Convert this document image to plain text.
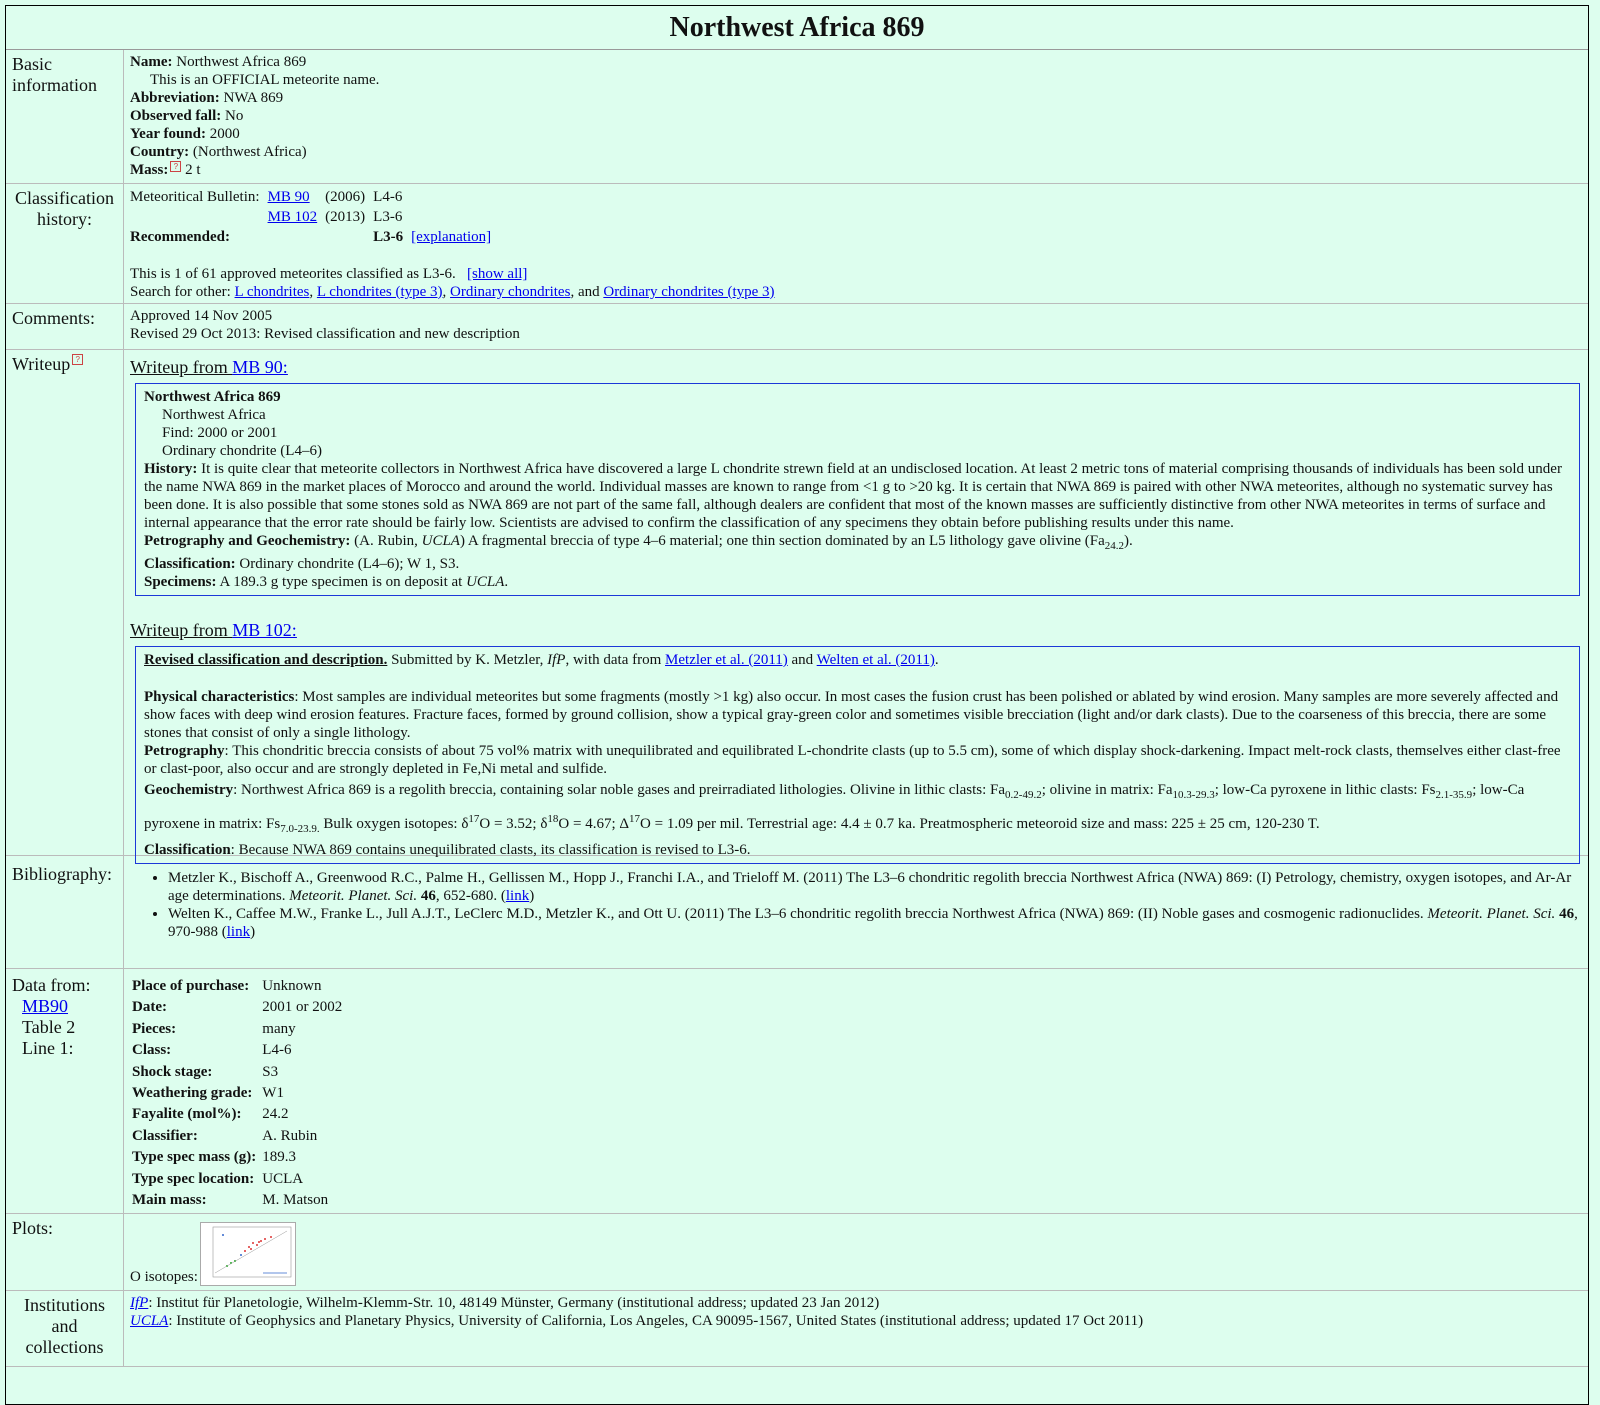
Northwest Africa 869
Basic information
Name: Northwest Africa 869
This is an OFFICIAL meteorite name.
Abbreviation: NWA 869
Observed fall: No
Year found: 2000
Country: (Northwest Africa)
Mass: ? 2 t
Classification history:
Meteoritical Bulletin:	MB 90	(2006)	L4-6	
	MB 102	(2013)	L3-6	
Recommended:			L3-6	[explanation]
This is 1 of 61 approved meteorites classified as L3-6. [show all]
Search for other: L chondrites, L chondrites (type 3), Ordinary chondrites, and Ordinary chondrites (type 3)
Comments:	Approved 14 Nov 2005
Revised 29 Oct 2013: Revised classification and new description
Writeup ?	Writeup from MB 90:
Northwest Africa 869
Northwest Africa
Find: 2000 or 2001
Ordinary chondrite (L4–6)
History: It is quite clear that meteorite collectors in Northwest Africa have discovered a large L chondrite strewn field at an undisclosed location. At least 2 metric tons of material comprising thousands of individuals has been sold under the name NWA 869 in the market places of Morocco and around the world. Individual masses are known to range from <1 g to >20 kg. It is certain that NWA 869 is paired with other NWA meteorites, although no systematic survey has been done. It is also possible that some stones sold as NWA 869 are not part of the same fall, although dealers are confident that most of the known masses are sufficiently distinctive from other NWA meteorites in terms of surface and internal appearance that the error rate should be fairly low. Scientists are advised to confirm the classification of any specimens they obtain before publishing results under this name.
Petrography and Geochemistry: (A. Rubin, UCLA) A fragmental breccia of type 4–6 material; one thin section dominated by an L5 lithology gave olivine $(Fa_{24.2})$.
Classification: Ordinary chondrite (L4–6); W 1, S3.
Specimens: A 189.3 g type specimen is on deposit at UCLA.
Writeup from MB 102:
Revised classification and description. Submitted by K. Metzler, IfP, with data from Metzler et al. (2011) and Welten et al. (2011).
Physical characteristics: Most samples are individual meteorites but some fragments (mostly >1 kg) also occur. In most cases the fusion crust has been polished or ablated by wind erosion. Many samples are more severely affected and show faces with deep wind erosion features. Fracture faces, formed by ground collision, show a typical gray-green color and sometimes visible brecciation (light and/or dark clasts). Due to the coarseness of this breccia, there are some stones that consist of only a single lithology.
Petrography: This chondritic breccia consists of about 75 vol% matrix with unequilibrated and equilibrated L-chondrite clasts (up to 5.5 cm), some of which display shock-darkening. Impact melt-rock clasts, themselves either clast-free or clast-poor, also occur and are strongly depleted in Fe,Ni metal and sulfide.
Geochemistry: Northwest Africa 869 is a regolith breccia, containing solar noble gases and preirradiated lithologies. Olivine in lithic clasts: $Fa_{0.2-49.2}$; olivine in matrix: $Fa_{10.3-29.3}$; low-Ca pyroxene in lithic clasts: $Fs_{2.1-35.9}$; low-Ca pyroxene in matrix: $Fs_{7.0-23.9.}$ Bulk oxygen isotopes: $\delta^{17}O = 3.52$; $\delta^{18}O = 4.67$; $\Delta^{17}O = 1.09$ per mil. Terrestrial age: 4.4 ± 0.7 ka. Preatmospheric meteoroid size and mass: 225 ± 25 cm, 120-230 T.
Classification: Because NWA 869 contains unequilibrated clasts, its classification is revised to L3-6.
Bibliography:	• Metzler K., Bischoff A., Greenwood R.C., Palme H., Gellissen M., Hopp J., Franchi I.A., and Trieloff M. (2011) The L3–6 chondritic regolith breccia Northwest Africa (NWA) 869: (I) Petrology, chemistry, oxygen isotopes, and Ar-Ar age determinations. Meteorit. Planet. Sci. 46, 652-680. (link)
• Welten K., Caffee M.W., Franke L., Jull A.J.T., LeClerc M.D., Metzler K., and Ott U. (2011) The L3–6 chondritic regolith breccia Northwest Africa (NWA) 869: (II) Noble gases and cosmogenic radionuclides. Meteorit. Planet. Sci. 46, 970-988 (link)
Data from:
MB90
Table 2
Line 1:
Place of purchase:	Unknown
Date:	2001 or 2002
Pieces:	many
Class:	L4-6
Shock stage:	S3
Weathering grade:	W1
Fayalite (mol%):	24.2
Classifier:	A. Rubin
Type spec mass (g):	189.3
Type spec location:	UCLA
Main mass:	M. Matson
Plots:
O isotopes:
Institutions and collections
IfP: Institut für Planetologie, Wilhelm-Klemm-Str. 10, 48149 Münster, Germany (institutional address; updated 23 Jan 2012)
UCLA: Institute of Geophysics and Planetary Physics, University of California, Los Angeles, CA 90095-1567, United States (institutional address; updated 17 Oct 2011)
